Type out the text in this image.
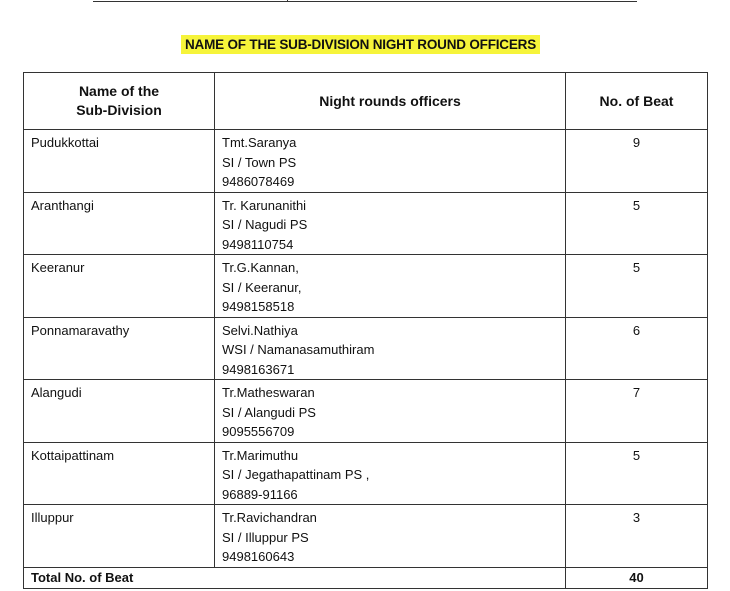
NAME OF THE SUB-DIVISION NIGHT ROUND OFFICERS
Name of the
Sub-Division	Night rounds officers	No. of Beat
Pudukkottai	Tmt.Saranya
SI / Town PS
9486078469	9
Aranthangi	Tr. Karunanithi
SI / Nagudi PS
9498110754	5
Keeranur	Tr.G.Kannan,
SI / Keeranur,
9498158518	5
Ponnamaravathy	Selvi.Nathiya
WSI / Namanasamuthiram
9498163671	6
Alangudi	Tr.Matheswaran
SI / Alangudi PS
9095556709	7
Kottaipattinam	Tr.Marimuthu
SI / Jegathapattinam PS ,
96889-91166	5
Illuppur	Tr.Ravichandran
SI / Illuppur PS
9498160643	3
Total No. of Beat		40
